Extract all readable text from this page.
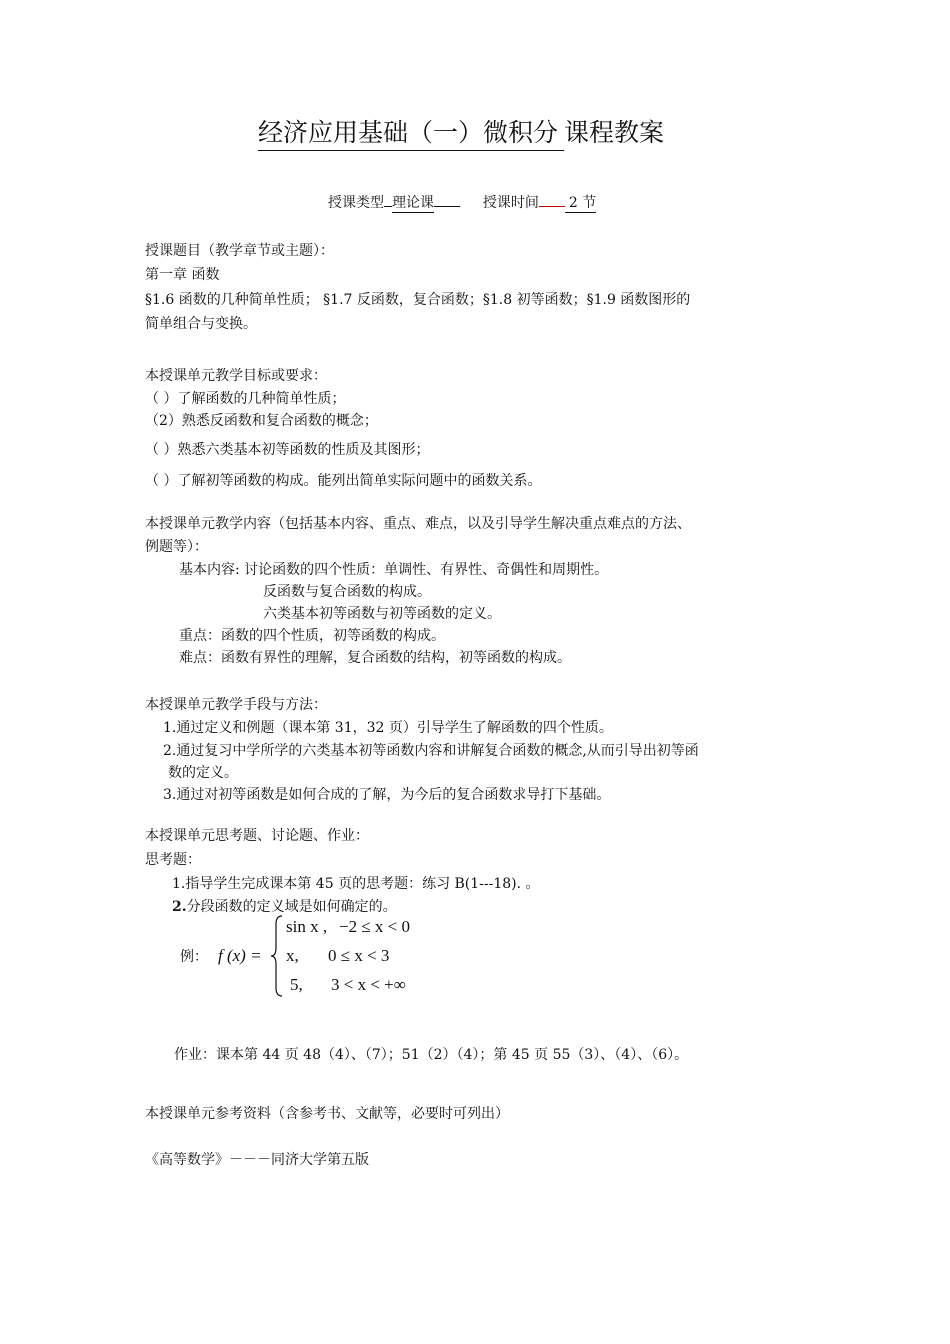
经济应用基础（一）微积分 课程教案
授课类型 理论课	授课时间 2 节
授课题目（教学章节或主题）：
第一章 函数
§1.6 函数的几种简单性质； §1.7 反函数，复合函数；§1.8 初等函数；§1.9 函数图形的
简单组合与变换。
本授课单元教学目标或要求：
（ ）了解函数的几种简单性质；
（2）熟悉反函数和复合函数的概念；
（ ）熟悉六类基本初等函数的性质及其图形；
（ ）了解初等函数的构成。能列出简单实际问题中的函数关系。
本授课单元教学内容（包括基本内容、重点、难点，以及引导学生解决重点难点的方法、
例题等）：
基本内容: 讨论函数的四个性质：单调性、有界性、奇偶性和周期性。
反函数与复合函数的构成。
六类基本初等函数与初等函数的定义。
重点：函数的四个性质，初等函数的构成。
难点：函数有界性的理解，复合函数的结构，初等函数的构成。
本授课单元教学手段与方法：
1.通过定义和例题（课本第 31，32 页）引导学生了解函数的四个性质。
2.通过复习中学所学的六类基本初等函数内容和讲解复合函数的概念,从而引导出初等函
数的定义。
3.通过对初等函数是如何合成的了解，为今后的复合函数求导打下基础。
本授课单元思考题、讨论题、作业：
思考题：
1.指导学生完成课本第 45 页的思考题：练习 B(1---18). 。
2.分段函数的定义域是如何确定的。
例： f (x) =
sin x , −2 ≤ x < 0
x, 0 ≤ x < 3
5, 3 < x < +∞
作业：课本第 44 页 48（4）、（7）；51（2）（4）；第 45 页 55（3）、（4）、（6）。
本授课单元参考资料（含参考书、文献等，必要时可列出）
《高等数学》－－－同济大学第五版
